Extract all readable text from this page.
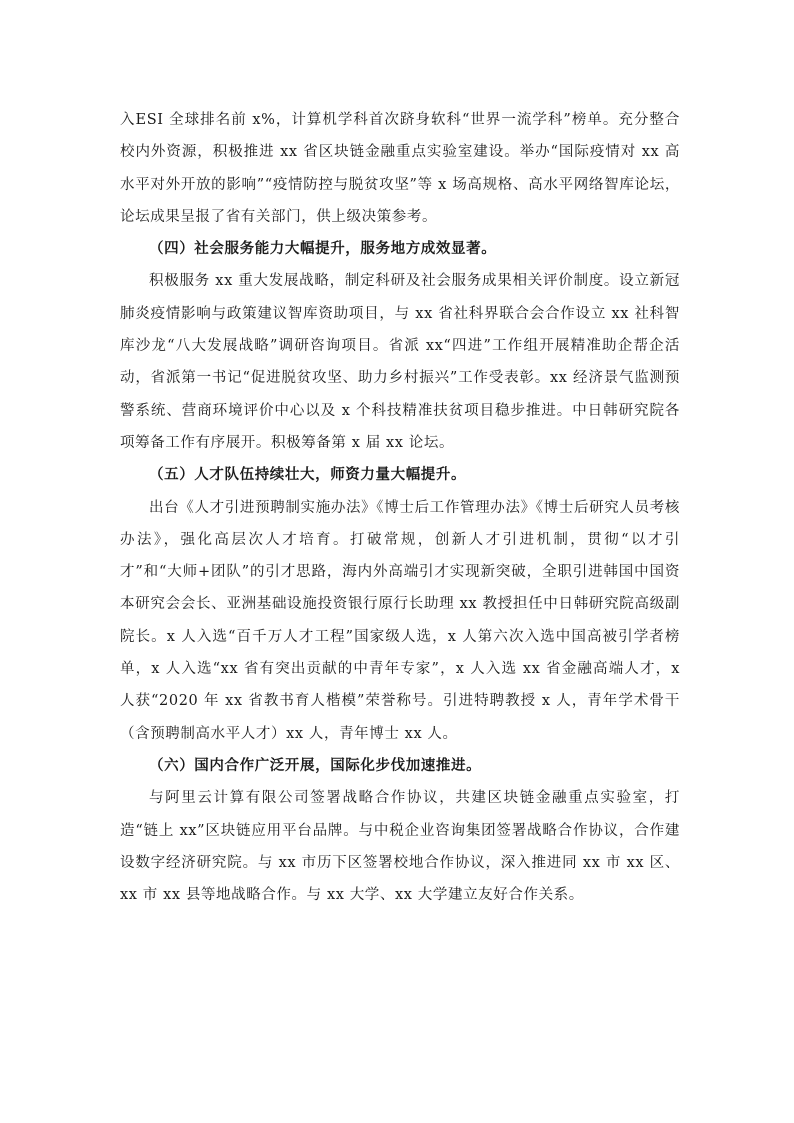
入ESI 全球排名前 x%，计算机学科首次跻身软科“世界一流学科”榜单。充分整合校内外资源，积极推进 xx 省区块链金融重点实验室建设。举办“国际疫情对 xx 高水平对外开放的影响”“疫情防控与脱贫攻坚”等 x 场高规格、高水平网络智库论坛，论坛成果呈报了省有关部门，供上级决策参考。

（四）社会服务能力大幅提升，服务地方成效显著。

积极服务 xx 重大发展战略，制定科研及社会服务成果相关评价制度。设立新冠肺炎疫情影响与政策建议智库资助项目，与 xx 省社科界联合会合作设立 xx 社科智库沙龙“八大发展战略”调研咨询项目。省派 xx“四进”工作组开展精准助企帮企活动，省派第一书记“促进脱贫攻坚、助力乡村振兴”工作受表彰。xx 经济景气监测预警系统、营商环境评价中心以及 x 个科技精准扶贫项目稳步推进。中日韩研究院各项筹备工作有序展开。积极筹备第 x 届 xx 论坛。

（五）人才队伍持续壮大，师资力量大幅提升。

出台《人才引进预聘制实施办法》《博士后工作管理办法》《博士后研究人员考核办法》，强化高层次人才培育。打破常规，创新人才引进机制，贯彻“以才引才”和“大师+团队”的引才思路，海内外高端引才实现新突破，全职引进韩国中国资本研究会会长、亚洲基础设施投资银行原行长助理 xx 教授担任中日韩研究院高级副院长。x 人入选“百千万人才工程”国家级人选，x 人第六次入选中国高被引学者榜单，x 人入选“xx 省有突出贡献的中青年专家”，x 人入选 xx 省金融高端人才，x 人获“2020 年 xx 省教书育人楷模”荣誉称号。引进特聘教授 x 人，青年学术骨干（含预聘制高水平人才）xx 人，青年博士 xx 人。

（六）国内合作广泛开展，国际化步伐加速推进。

与阿里云计算有限公司签署战略合作协议，共建区块链金融重点实验室，打造“链上 xx”区块链应用平台品牌。与中税企业咨询集团签署战略合作协议，合作建设数字经济研究院。与 xx 市历下区签署校地合作协议，深入推进同 xx 市 xx 区、xx 市 xx 县等地战略合作。与 xx 大学、xx 大学建立友好合作关系。
